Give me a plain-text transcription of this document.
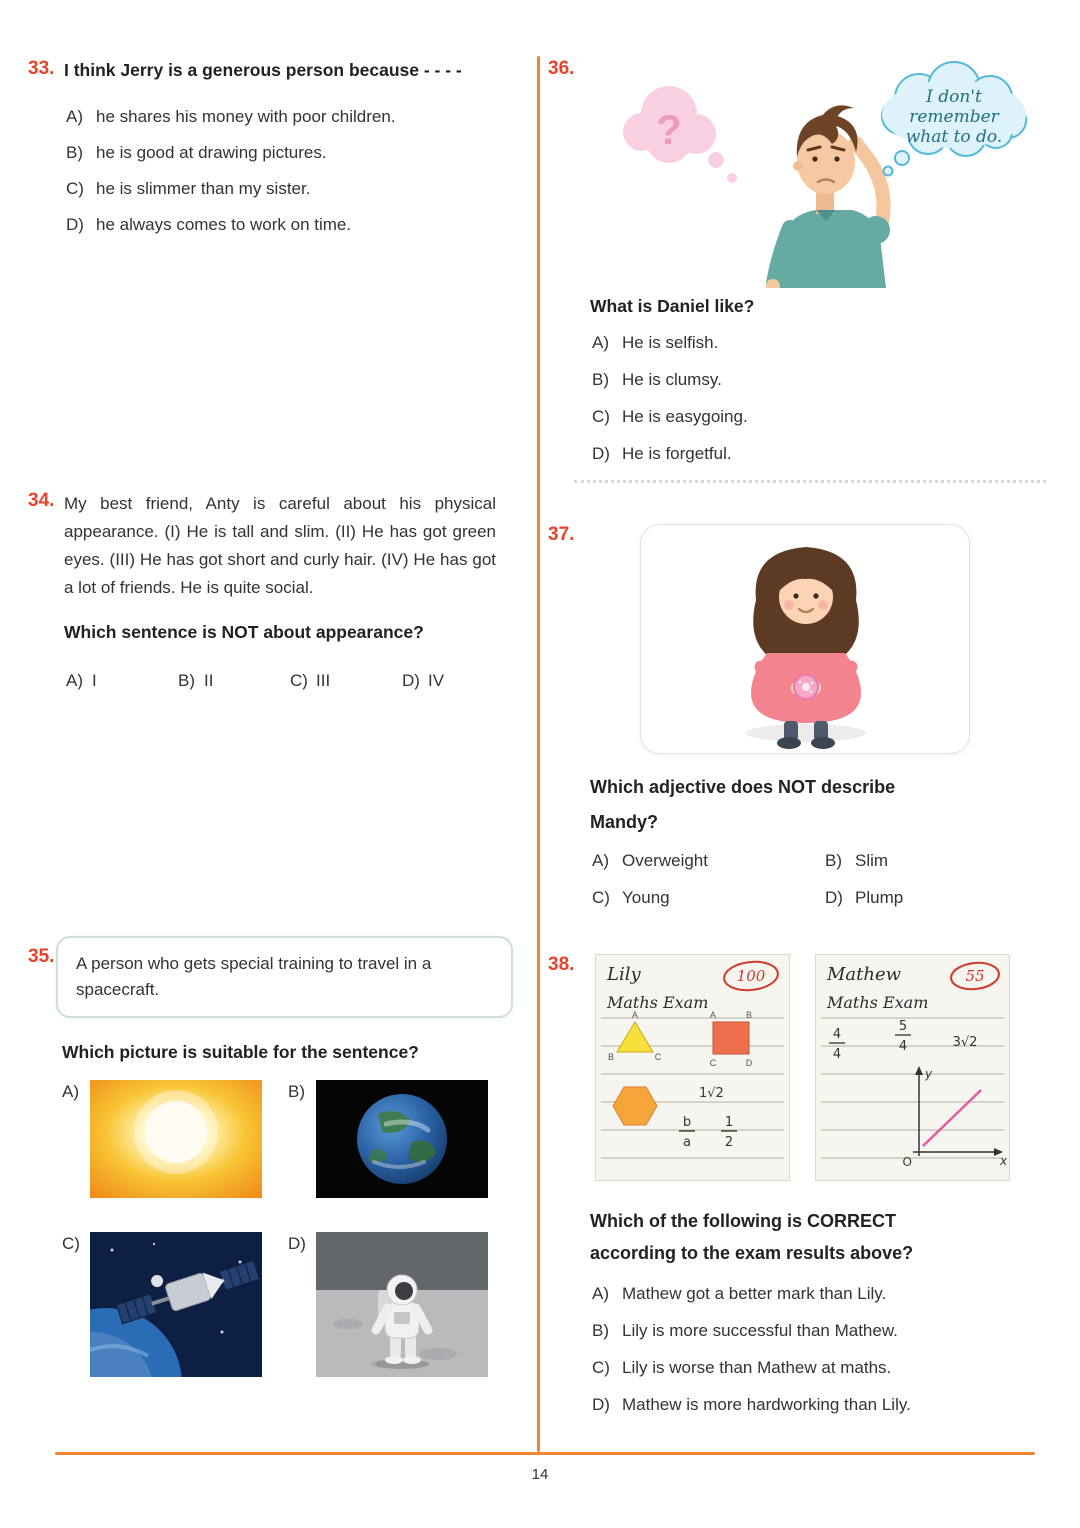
14
33. I think Jerry is a generous person because - - - -

A) he shares his money with poor children.
B) he is good at drawing pictures.
C) he is slimmer than my sister.
D) he always comes to work on time.
34. My best friend, Anty is careful about his physical appearance. (I) He is tall and slim. (II) He has got green eyes. (III) He has got short and curly hair. (IV) He has got a lot of friends. He is quite social.

Which sentence is NOT about appearance?

A) I	B) II	C) III	D) IV
35.	A person who gets special training to travel in a spacecraft.

Which picture is suitable for the sentence?

A)	B)
C)	D)
36.
?
I don't
remember
what to do.

What is Daniel like?

A) He is selfish.
B) He is clumsy.
C) He is easygoing.
D) He is forgetful.
37.

Which adjective does NOT describe Mandy?

A) Overweight	B) Slim
C) Young	D) Plump
38. Lily	100
Maths Exam
A
B	C
A	B
C	D
1√2
b
a
1
2
Mathew	55
Maths Exam
4
4
5
4	3√2
y
x
O

Which of the following is CORRECT according to the exam results above?

A) Mathew got a better mark than Lily.
B) Lily is more successful than Mathew.
C) Lily is worse than Mathew at maths.
D) Mathew is more hardworking than Lily.
